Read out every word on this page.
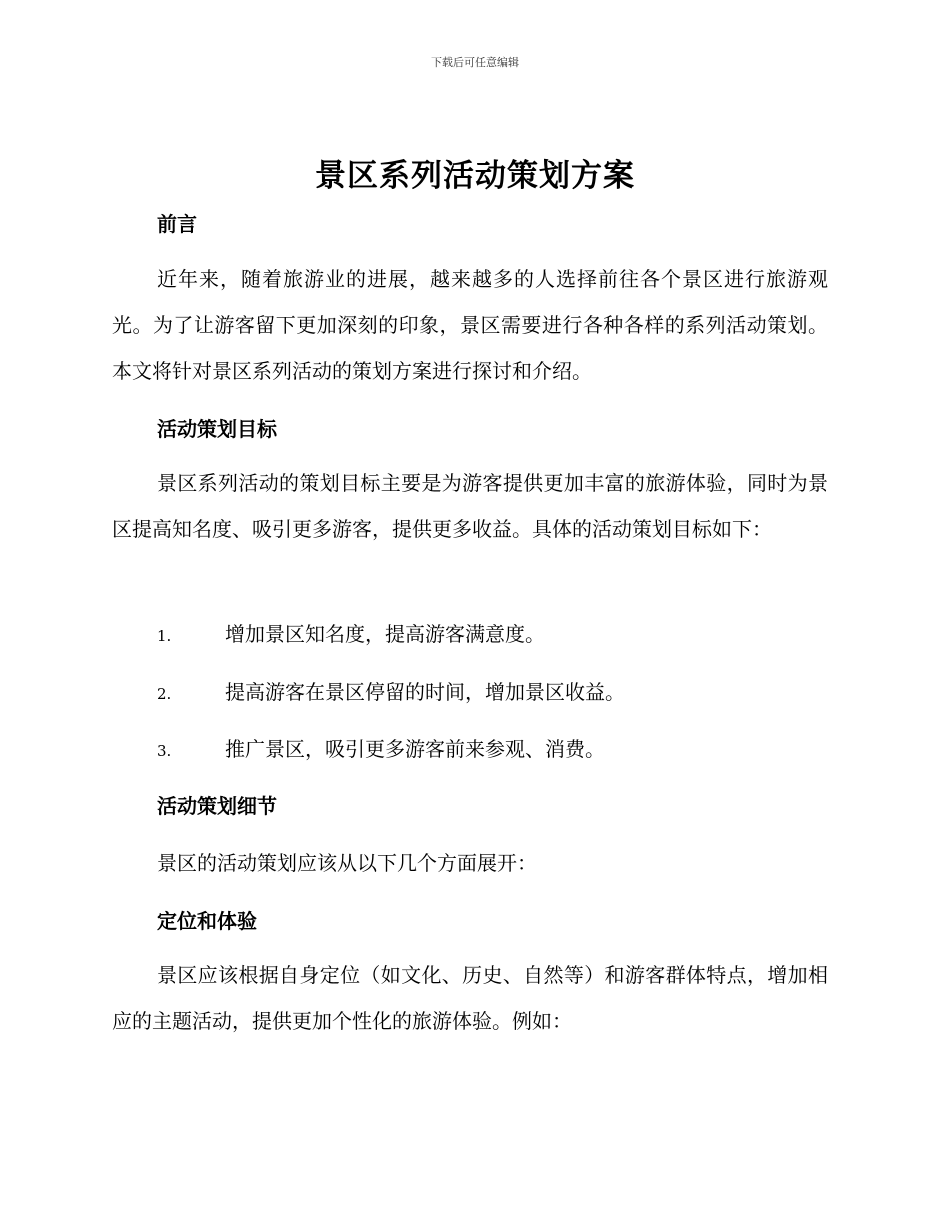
下载后可任意编辑
景区系列活动策划方案
前言
近年来，随着旅游业的进展，越来越多的人选择前往各个景区进行旅游观光。为了让游客留下更加深刻的印象，景区需要进行各种各样的系列活动策划。本文将针对景区系列活动的策划方案进行探讨和介绍。
活动策划目标
景区系列活动的策划目标主要是为游客提供更加丰富的旅游体验，同时为景区提高知名度、吸引更多游客，提供更多收益。具体的活动策划目标如下：
1.	增加景区知名度，提高游客满意度。
2.	提高游客在景区停留的时间，增加景区收益。
3.	推广景区，吸引更多游客前来参观、消费。
活动策划细节
景区的活动策划应该从以下几个方面展开：
定位和体验
景区应该根据自身定位（如文化、历史、自然等）和游客群体特点，增加相应的主题活动，提供更加个性化的旅游体验。例如：
